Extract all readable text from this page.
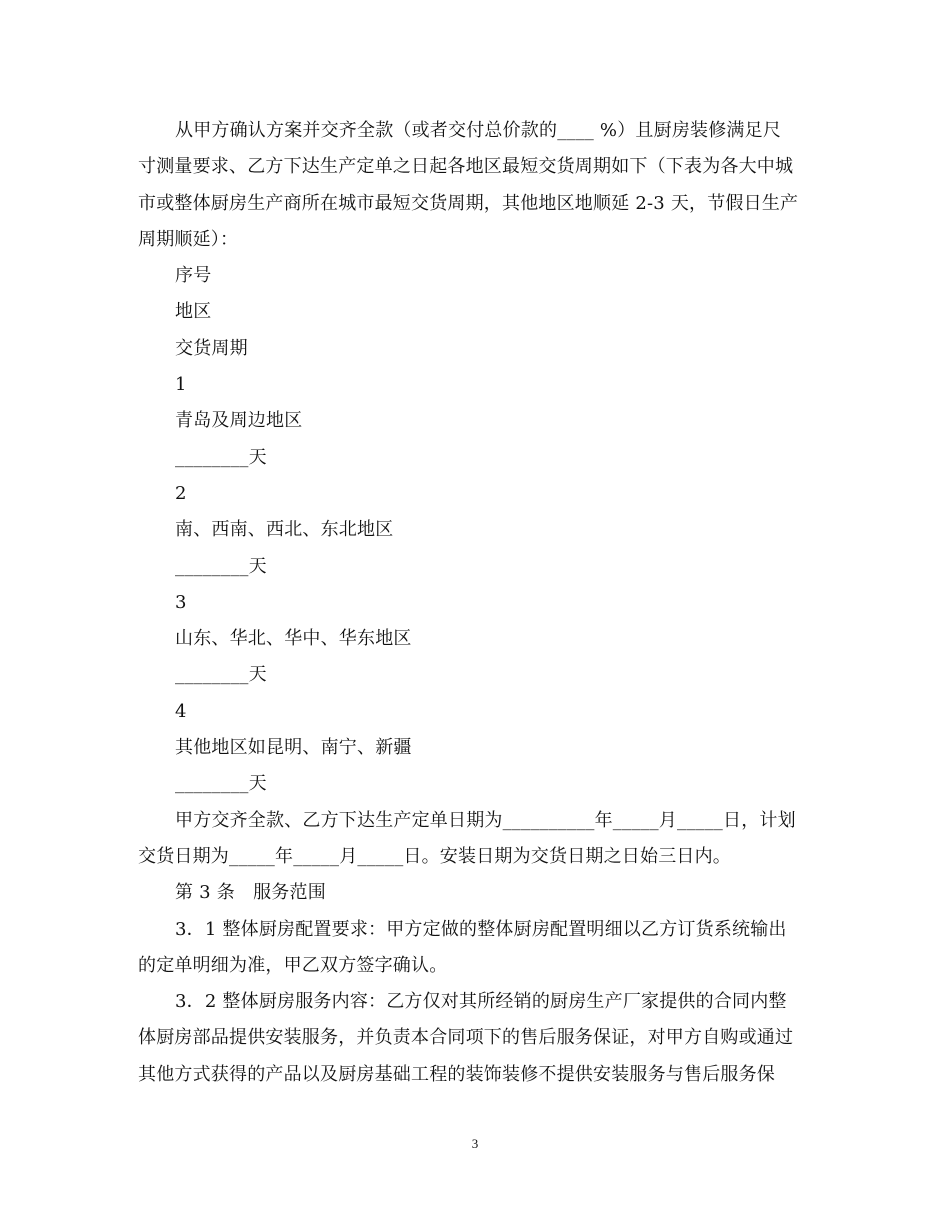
从甲方确认方案并交齐全款（或者交付总价款的____ %）且厨房装修满足尺
寸测量要求、乙方下达生产定单之日起各地区最短交货周期如下（下表为各大中城
市或整体厨房生产商所在城市最短交货周期，其他地区地顺延 2-3 天，节假日生产
周期顺延）：

序号

地区

交货周期

1

青岛及周边地区

________天

2

南、西南、西北、东北地区

________天

3

山东、华北、华中、华东地区

________天

4

其他地区如昆明、南宁、新疆

________天

甲方交齐全款、乙方下达生产定单日期为__________年_____月_____日，计划
交货日期为_____年_____月_____日。安装日期为交货日期之日始三日内。

第 3 条　服务范围

3．1 整体厨房配置要求：甲方定做的整体厨房配置明细以乙方订货系统输出
的定单明细为准，甲乙双方签字确认。
3．2 整体厨房服务内容：乙方仅对其所经销的厨房生产厂家提供的合同内整
体厨房部品提供安装服务，并负责本合同项下的售后服务保证，对甲方自购或通过
其他方式获得的产品以及厨房基础工程的装饰装修不提供安装服务与售后服务保
3
